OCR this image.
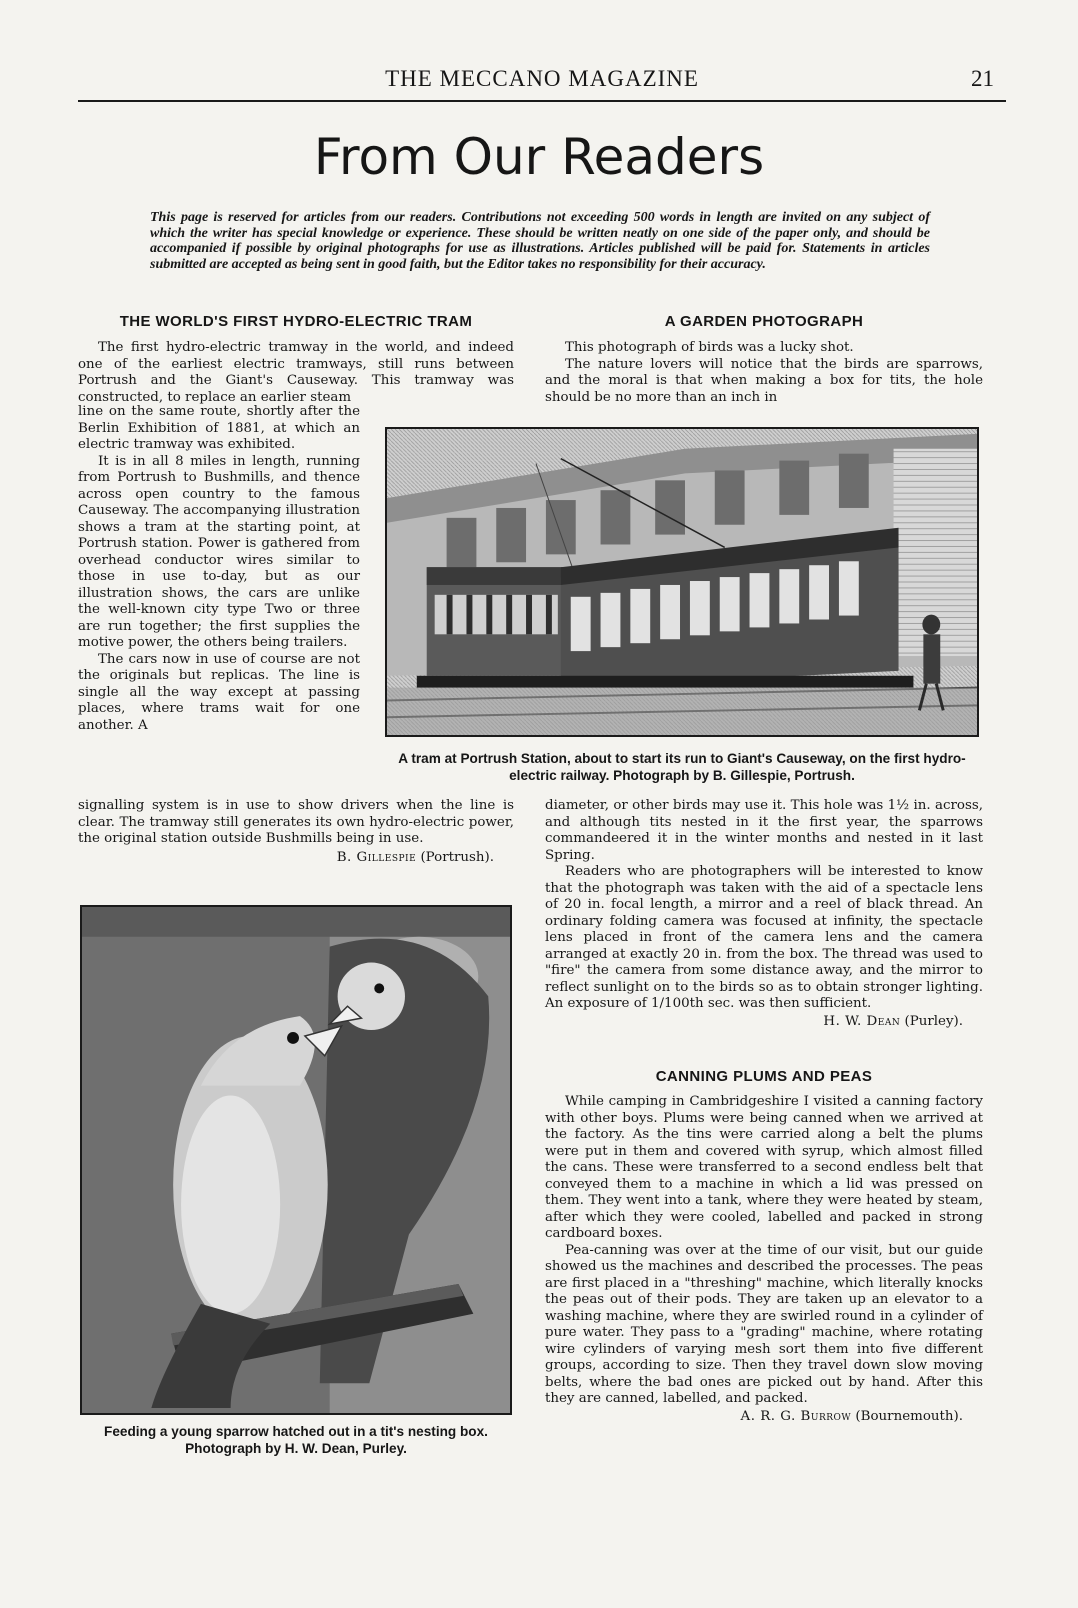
THE MECCANO MAGAZINE	21
From Our Readers

This page is reserved for articles from our readers. Contributions not exceeding 500 words in length are invited on any subject of which the writer has special knowledge or experience. These should be written neatly on one side of the paper only, and should be accompanied if possible by original photographs for use as illustrations. Articles published will be paid for. Statements in articles submitted are accepted as being sent in good faith, but the Editor takes no responsibility for their accuracy.

THE WORLD'S FIRST HYDRO-ELECTRIC TRAM

The first hydro-electric tramway in the world, and indeed one of the earliest electric tramways, still runs between Portrush and the Giant's Causeway. This tramway was constructed, to replace an earlier steam

line on the same route, shortly after the Berlin Exhibition of 1881, at which an electric tramway was exhibited.

It is in all 8 miles in length, running from Portrush to Bushmills, and thence across open country to the famous Causeway. The accompanying illustration shows a tram at the starting point, at Portrush station. Power is gathered from overhead conductor wires similar to those in use to-day, but as our illustration shows, the cars are unlike the well-known city type Two or three are run together; the first supplies the motive power, the others being trailers.

The cars now in use of course are not the originals but replicas. The line is single all the way except at passing places, where trams wait for one another. A

signalling system is in use to show drivers when the line is clear. The tramway still generates its own hydro-electric power, the original station outside Bushmills being in use.

B. Gillespie (Portrush).

A GARDEN PHOTOGRAPH

This photograph of birds was a lucky shot.

The nature lovers will notice that the birds are sparrows, and the moral is that when making a box for tits, the hole should be no more than an inch in

A tram at Portrush Station, about to start its run to Giant's Causeway, on the first hydro-electric railway. Photograph by B. Gillespie, Portrush.

diameter, or other birds may use it. This hole was 1½ in. across, and although tits nested in it the first year, the sparrows commandeered it in the winter months and nested in it last Spring.

Readers who are photographers will be interested to know that the photograph was taken with the aid of a spectacle lens of 20 in. focal length, a mirror and a reel of black thread. An ordinary folding camera was focused at infinity, the spectacle lens placed in front of the camera lens and the camera arranged at exactly 20 in. from the box. The thread was used to "fire" the camera from some distance away, and the mirror to reflect sunlight on to the birds so as to obtain stronger lighting. An exposure of 1/100th sec. was then sufficient.

H. W. Dean (Purley).

CANNING PLUMS AND PEAS

While camping in Cambridgeshire I visited a canning factory with other boys. Plums were being canned when we arrived at the factory. As the tins were carried along a belt the plums were put in them and covered with syrup, which almost filled the cans. These were transferred to a second endless belt that conveyed them to a machine in which a lid was pressed on them. They went into a tank, where they were heated by steam, after which they were cooled, labelled and packed in strong cardboard boxes.

Pea-canning was over at the time of our visit, but our guide showed us the machines and described the processes. The peas are first placed in a "threshing" machine, which literally knocks the peas out of their pods. They are taken up an elevator to a washing machine, where they are swirled round in a cylinder of pure water. They pass to a "grading" machine, where rotating wire cylinders of varying mesh sort them into five different groups, according to size. Then they travel down slow moving belts, where the bad ones are picked out by hand. After this they are canned, labelled, and packed.

A. R. G. Burrow (Bournemouth).

Feeding a young sparrow hatched out in a tit's nesting box. Photograph by H. W. Dean, Purley.
